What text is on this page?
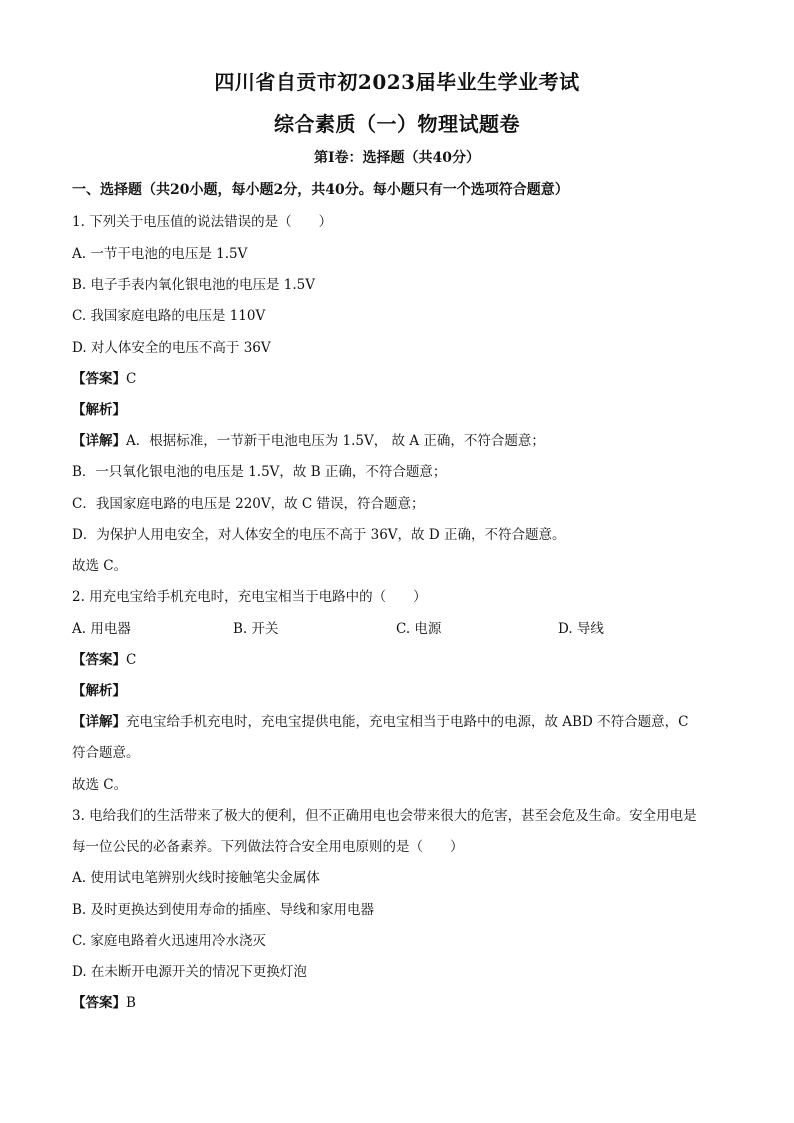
四川省自贡市初2023届毕业生学业考试
综合素质（一）物理试题卷
第Ⅰ卷：选择题（共40分）
一、选择题（共20小题，每小题2分，共40分。每小题只有一个选项符合题意）
1. 下列关于电压值的说法错误的是（　　）
A. 一节干电池的电压是 1.5V
B. 电子手表内氧化银电池的电压是 1.5V
C. 我国家庭电路的电压是 110V
D. 对人体安全的电压不高于 36V
【答案】C
【解析】
【详解】A．根据标准，一节新干电池电压为 1.5V， 故 A 正确，不符合题意；
B．一只氧化银电池的电压是 1.5V，故 B 正确，不符合题意；
C．我国家庭电路的电压是 220V，故 C 错误，符合题意；
D．为保护人用电安全，对人体安全的电压不高于 36V，故 D 正确，不符合题意。
故选 C。
2. 用充电宝给手机充电时，充电宝相当于电路中的（　　）
A. 用电器	B. 开关	C. 电源	D. 导线
【答案】C
【解析】
【详解】充电宝给手机充电时，充电宝提供电能，充电宝相当于电路中的电源，故 ABD 不符合题意，C
符合题意。
故选 C。
3. 电给我们的生活带来了极大的便利，但不正确用电也会带来很大的危害，甚至会危及生命。安全用电是
每一位公民的必备素养。下列做法符合安全用电原则的是（　　）
A. 使用试电笔辨别火线时接触笔尖金属体
B. 及时更换达到使用寿命的插座、导线和家用电器
C. 家庭电路着火迅速用冷水浇灭
D. 在未断开电源开关的情况下更换灯泡
【答案】B
